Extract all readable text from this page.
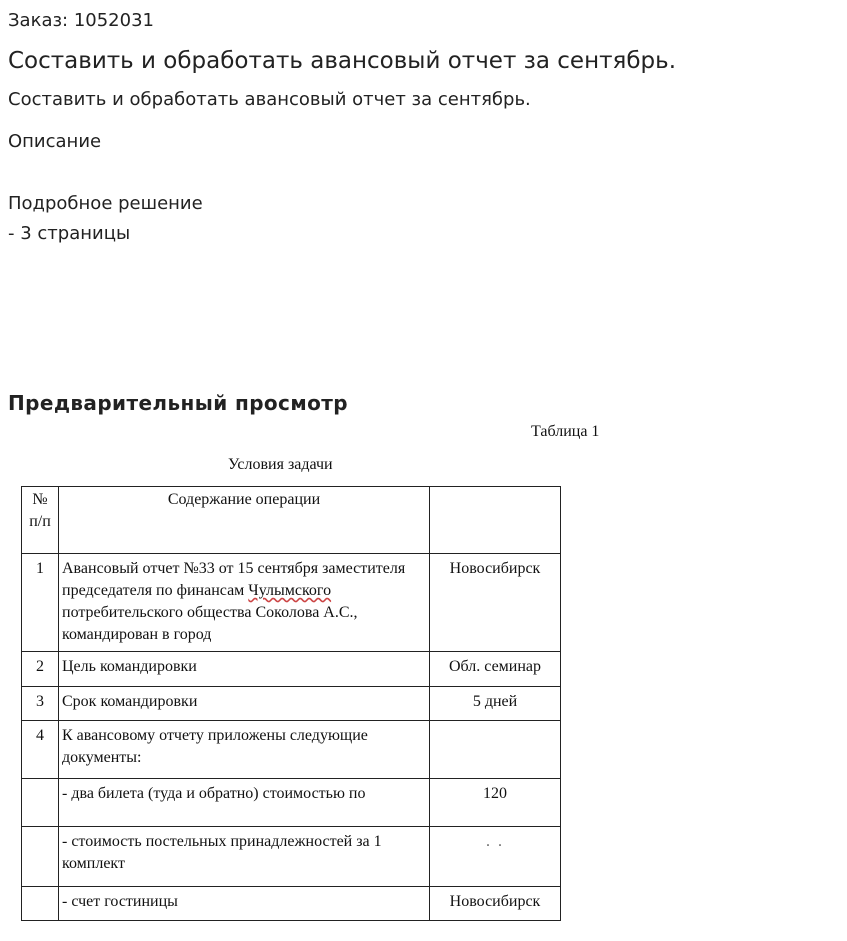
Заказ: 1052031
Составить и обработать авансовый отчет за сентябрь.
Составить и обработать авансовый отчет за сентябрь.
Описание
Подробное решение
- 3 страницы
Предварительный просмотр
Таблица 1
Условия задачи
№
п/п	Содержание операции	
1	Авансовый отчет №33 от 15 сентября заместителя председателя по финансам Чулымского потребительского общества Соколова А.С., командирован в город	Новосибирск
2	Цель командировки	Обл. семинар
3	Срок командировки	5 дней
4	К авансовому отчету приложены следующие документы:	
	- два билета (туда и обратно) стоимостью по	120
	- стоимость постельных принадлежностей за 1 комплект	. .
	- счет гостиницы	Новосибирск
